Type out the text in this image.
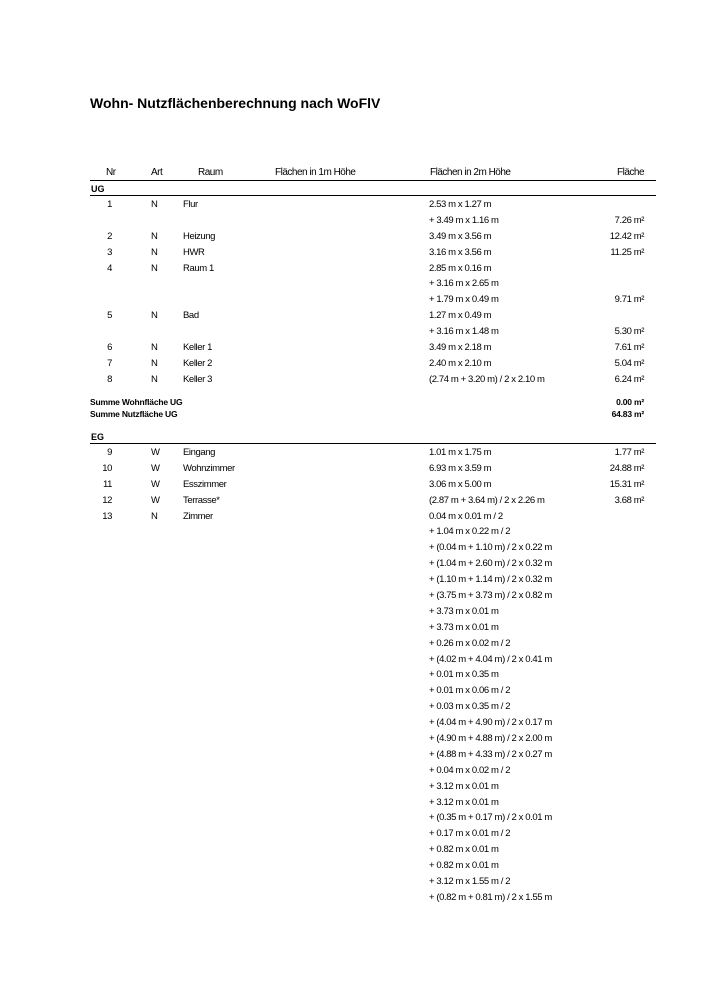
Wohn- Nutzflächenberechnung nach WoFlV
Nr	Art	Raum	Flächen in 1m Höhe	Flächen in 2m Höhe	Fläche
UG
1	N	Flur	2.53 m x 1.27 m
+ 3.49 m x 1.16 m	7.26 m²
2	N	Heizung	3.49 m x 3.56 m	12.42 m²
3	N	HWR	3.16 m x 3.56 m	11.25 m²
4	N	Raum 1	2.85 m x 0.16 m
+ 3.16 m x 2.65 m
+ 1.79 m x 0.49 m	9.71 m²
5	N	Bad	1.27 m x 0.49 m
+ 3.16 m x 1.48 m	5.30 m²
6	N	Keller 1	3.49 m x 2.18 m	7.61 m²
7	N	Keller 2	2.40 m x 2.10 m	5.04 m²
8	N	Keller 3	(2.74 m + 3.20 m) / 2 x 2.10 m	6.24 m²
Summe Wohnfläche UG	0.00 m²
Summe Nutzfläche UG	64.83 m²
EG
9	W Eingang	1.01 m x 1.75 m	1.77 m²
10	W Wohnzimmer	6.93 m x 3.59 m	24.88 m²
11	W Esszimmer	3.06 m x 5.00 m	15.31 m²
12	W Terrasse*	(2.87 m + 3.64 m) / 2 x 2.26 m	3.68 m²
13	N	Zimmer	0.04 m x 0.01 m / 2
+ 1.04 m x 0.22 m / 2
+ (0.04 m + 1.10 m) / 2 x 0.22 m
+ (1.04 m + 2.60 m) / 2 x 0.32 m
+ (1.10 m + 1.14 m) / 2 x 0.32 m
+ (3.75 m + 3.73 m) / 2 x 0.82 m
+ 3.73 m x 0.01 m
+ 3.73 m x 0.01 m
+ 0.26 m x 0.02 m / 2
+ (4.02 m + 4.04 m) / 2 x 0.41 m
+ 0.01 m x 0.35 m
+ 0.01 m x 0.06 m / 2
+ 0.03 m x 0.35 m / 2
+ (4.04 m + 4.90 m) / 2 x 0.17 m
+ (4.90 m + 4.88 m) / 2 x 2.00 m
+ (4.88 m + 4.33 m) / 2 x 0.27 m
+ 0.04 m x 0.02 m / 2
+ 3.12 m x 0.01 m
+ 3.12 m x 0.01 m
+ (0.35 m + 0.17 m) / 2 x 0.01 m
+ 0.17 m x 0.01 m / 2
+ 0.82 m x 0.01 m
+ 0.82 m x 0.01 m
+ 3.12 m x 1.55 m / 2
+ (0.82 m + 0.81 m) / 2 x 1.55 m
